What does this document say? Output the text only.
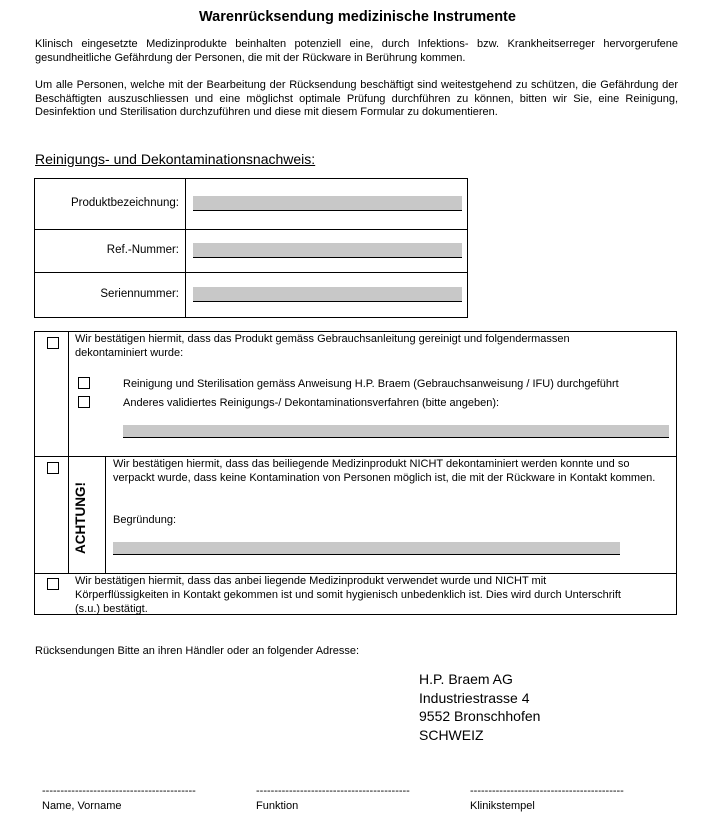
Warenrücksendung medizinische Instrumente
Klinisch eingesetzte Medizinprodukte beinhalten potenziell eine, durch Infektions- bzw. Krankheitserreger hervorgerufene gesundheitliche Gefährdung der Personen, die mit der Rückware in Berührung kommen.
Um alle Personen, welche mit der Bearbeitung der Rücksendung beschäftigt sind weitestgehend zu schützen, die Gefährdung der Beschäftigten auszuschliessen und eine möglichst optimale Prüfung durchführen zu können, bitten wir Sie, eine Reinigung, Desinfektion und Sterilisation durchzuführen und diese mit diesem Formular zu dokumentieren.
Reinigungs- und Dekontaminationsnachweis:
Produktbezeichnung:
Ref.-Nummer:
Seriennummer:
Wir bestätigen hiermit, dass das Produkt gemäss Gebrauchsanleitung gereinigt und folgendermassen dekontaminiert wurde:
Reinigung und Sterilisation gemäss Anweisung H.P. Braem (Gebrauchsanweisung / IFU) durchgeführt
Anderes validiertes Reinigungs-/ Dekontaminationsverfahren (bitte angeben):
ACHTUNG!
Wir bestätigen hiermit, dass das beiliegende Medizinprodukt NICHT dekontaminiert werden konnte und so verpackt wurde, dass keine Kontamination von Personen möglich ist, die mit der Rückware in Kontakt kommen.
Begründung:
Wir bestätigen hiermit, dass das anbei liegende Medizinprodukt verwendet wurde und NICHT mit Körperflüssigkeiten in Kontakt gekommen ist und somit hygienisch unbedenklich ist. Dies wird durch Unterschrift (s.u.) bestätigt.
Rücksendungen Bitte an ihren Händler oder an folgender Adresse:
H.P. Braem AG
Industriestrasse 4
9552 Bronschhofen
SCHWEIZ
------------------------------------------
Name, Vorname
------------------------------------------
Funktion
------------------------------------------
Klinikstempel
